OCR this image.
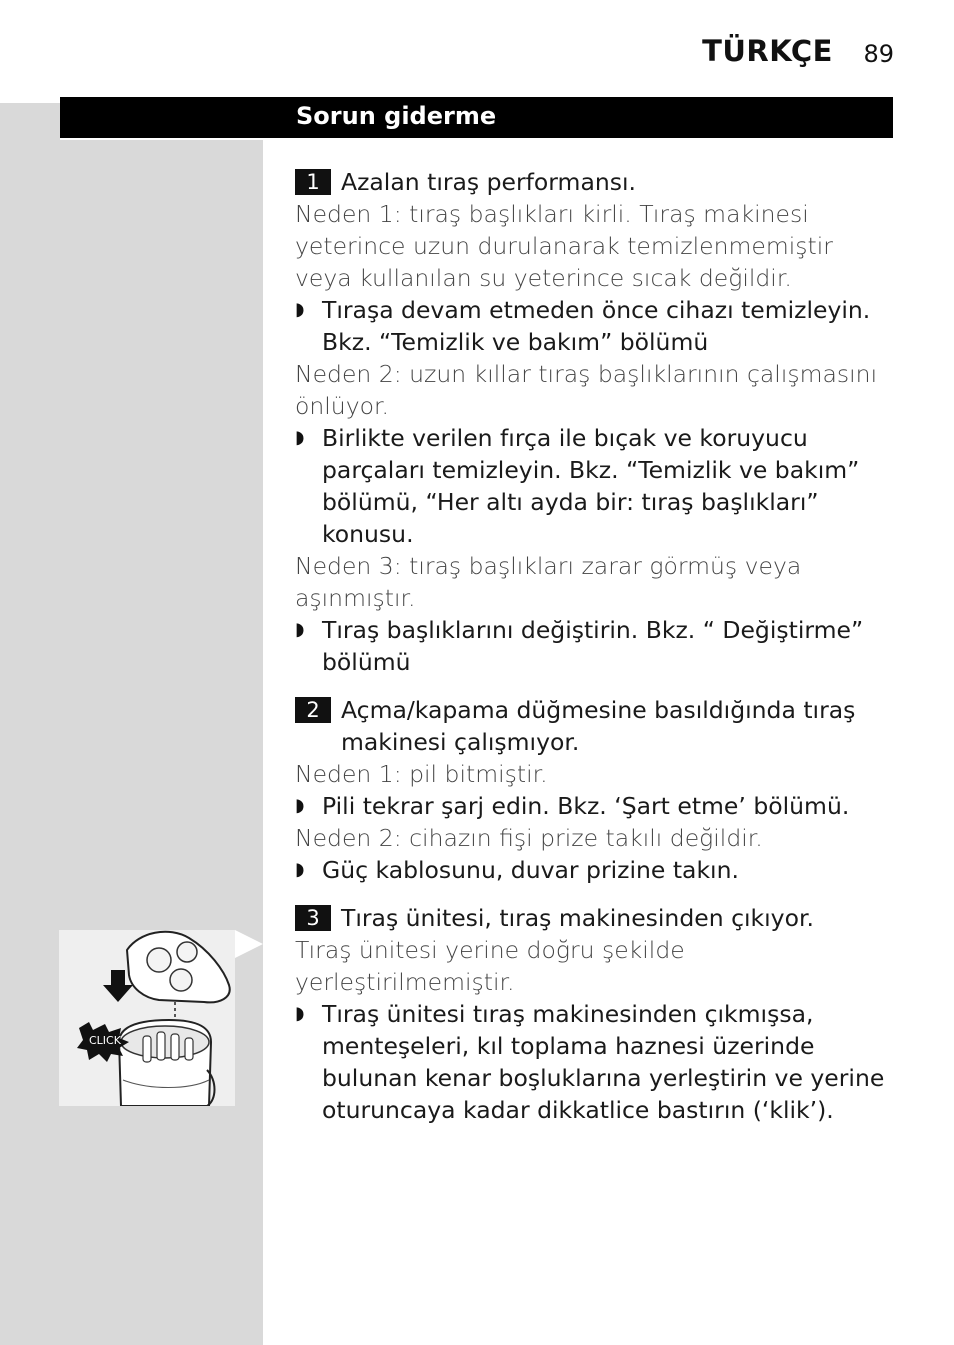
TÜRKÇE 89
Sorun giderme
1 Azalan tıraş performansı.
Neden 1: tıraş başlıkları kirli. Tıraş makinesi yeterince uzun durulanarak temizlenmemiştir veya kullanılan su yeterince sıcak değildir.
◗ Tıraşa devam etmeden önce cihazı temizleyin. Bkz. “Temizlik ve bakım” bölümü
Neden 2: uzun kıllar tıraş başlıklarının çalışmasını önlüyor.
◗ Birlikte verilen fırça ile bıçak ve koruyucu parçaları temizleyin. Bkz. “Temizlik ve bakım” bölümü, “Her altı ayda bir: tıraş başlıkları” konusu.
Neden 3: tıraş başlıkları zarar görmüş veya aşınmıştır.
◗ Tıraş başlıklarını değiştirin. Bkz. “ Değiştirme” bölümü
2 Açma/kapama düğmesine basıldığında tıraş makinesi çalışmıyor.
Neden 1: pil bitmiştir.
◗ Pili tekrar şarj edin. Bkz. ‘Şart etme’ bölümü.
Neden 2: cihazın fişi prize takılı değildir.
◗ Güç kablosunu, duvar prizine takın.
3 Tıraş ünitesi, tıraş makinesinden çıkıyor.
Tıraş ünitesi yerine doğru şekilde yerleştirilmemiştir.
◗ Tıraş ünitesi tıraş makinesinden çıkmışsa, menteşeleri, kıl toplama haznesi üzerinde bulunan kenar boşluklarına yerleştirin ve yerine oturuncaya kadar dikkatlice bastırın (‘klik’).
CLICK
